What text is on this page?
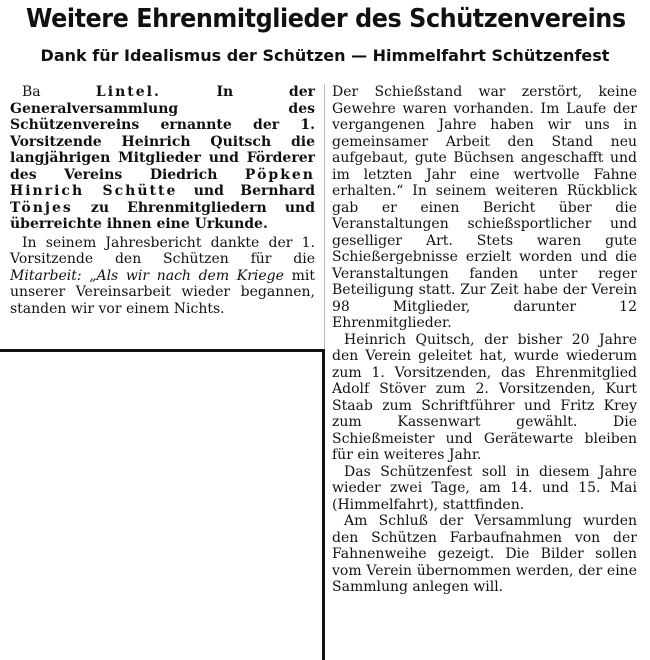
Weitere Ehrenmitglieder des Schützenvereins
Dank für Idealismus der Schützen — Himmelfahrt Schützenfest

Ba Lintel. In der Generalversammlung des Schützenvereins ernannte der 1. Vorsitzende Heinrich Quitsch die langjährigen Mitglieder und Förderer des Vereins Diedrich Pöpken Hinrich Schütte und Bernhard Tönjes zu Ehrenmitgliedern und überreichte ihnen eine Urkunde.

In seinem Jahresbericht dankte der 1. Vorsitzende den Schützen für die Mitarbeit: „Als wir nach dem Kriege mit unserer Vereinsarbeit wieder begannen, standen wir vor einem Nichts.

Der Schießstand war zerstört, keine Gewehre waren vorhanden. Im Laufe der vergangenen Jahre haben wir uns in gemeinsamer Arbeit den Stand neu aufgebaut, gute Büchsen angeschafft und im letzten Jahr eine wertvolle Fahne erhalten.“ In seinem weiteren Rückblick gab er einen Bericht über die Veranstaltungen schießsportlicher und geselliger Art. Stets waren gute Schießergebnisse erzielt worden und die Veranstaltungen fanden unter reger Beteiligung statt. Zur Zeit habe der Verein 98 Mitglieder, darunter 12 Ehrenmitglieder.

Heinrich Quitsch, der bisher 20 Jahre den Verein geleitet hat, wurde wiederum zum 1. Vorsitzenden, das Ehrenmitglied Adolf Stöver zum 2. Vorsitzenden, Kurt Staab zum Schriftführer und Fritz Krey zum Kassenwart gewählt. Die Schießmeister und Gerätewarte bleiben für ein weiteres Jahr.

Das Schützenfest soll in diesem Jahre wieder zwei Tage, am 14. und 15. Mai (Himmelfahrt), stattfinden.

Am Schluß der Versammlung wurden den Schützen Farbaufnahmen von der Fahnenweihe gezeigt. Die Bilder sollen vom Verein übernommen werden, der eine Sammlung anlegen will.
